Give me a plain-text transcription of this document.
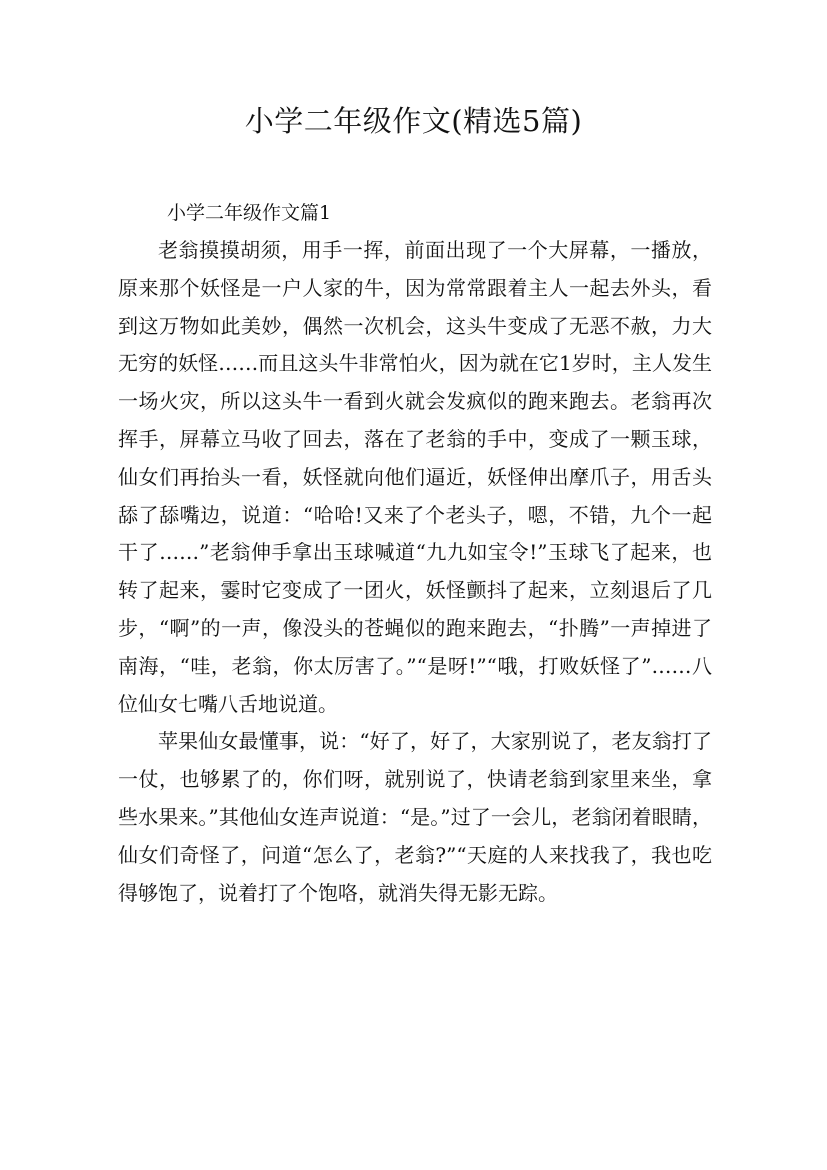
小学二年级作文(精选5篇)
小学二年级作文篇1

老翁摸摸胡须，用手一挥，前面出现了一个大屏幕，一播放，原来那个妖怪是一户人家的牛，因为常常跟着主人一起去外头，看到这万物如此美妙，偶然一次机会，这头牛变成了无恶不赦，力大无穷的妖怪……而且这头牛非常怕火，因为就在它1岁时，主人发生一场火灾，所以这头牛一看到火就会发疯似的跑来跑去。老翁再次挥手，屏幕立马收了回去，落在了老翁的手中，变成了一颗玉球，仙女们再抬头一看，妖怪就向他们逼近，妖怪伸出摩爪子，用舌头舔了舔嘴边，说道：“哈哈!又来了个老头子，嗯，不错，九个一起干了……”老翁伸手拿出玉球喊道“九九如宝令!”玉球飞了起来，也转了起来，霎时它变成了一团火，妖怪颤抖了起来，立刻退后了几步，“啊”的一声，像没头的苍蝇似的跑来跑去，“扑腾”一声掉进了南海，“哇，老翁，你太厉害了。”“是呀!”“哦，打败妖怪了”……八位仙女七嘴八舌地说道。

苹果仙女最懂事，说：“好了，好了，大家别说了，老友翁打了一仗，也够累了的，你们呀，就别说了，快请老翁到家里来坐，拿些水果来。”其他仙女连声说道：“是。”过了一会儿，老翁闭着眼睛，仙女们奇怪了，问道“怎么了，老翁?”“天庭的人来找我了，我也吃得够饱了，说着打了个饱咯，就消失得无影无踪。
